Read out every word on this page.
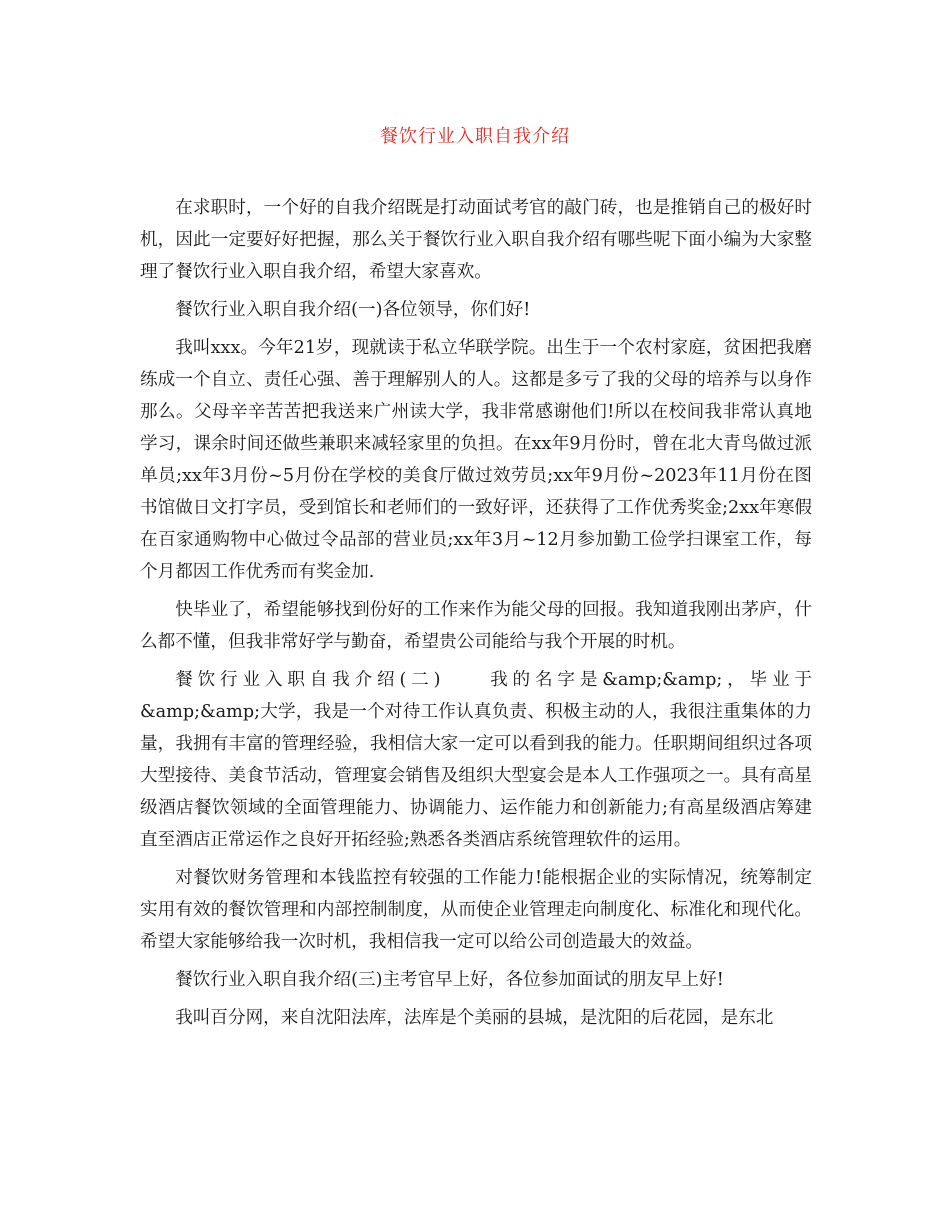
餐饮行业入职自我介绍

在求职时，一个好的自我介绍既是打动面试考官的敲门砖，也是推销自己的极好时机，因此一定要好好把握，那么关于餐饮行业入职自我介绍有哪些呢下面小编为大家整理了餐饮行业入职自我介绍，希望大家喜欢。

餐饮行业入职自我介绍(一)各位领导，你们好!

我叫xxx。今年21岁，现就读于私立华联学院。出生于一个农村家庭，贫困把我磨练成一个自立、责任心强、善于理解别人的人。这都是多亏了我的父母的培养与以身作那么。父母辛辛苦苦把我送来广州读大学，我非常感谢他们!所以在校间我非常认真地学习，课余时间还做些兼职来减轻家里的负担。在xx年9月份时，曾在北大青鸟做过派单员;xx年3月份~5月份在学校的美食厅做过效劳员;xx年9月份~2023年11月份在图书馆做日文打字员，受到馆长和老师们的一致好评，还获得了工作优秀奖金;2xx年寒假在百家通购物中心做过令品部的营业员;xx年3月~12月参加勤工俭学扫课室工作，每个月都因工作优秀而有奖金加.

快毕业了，希望能够找到份好的工作来作为能父母的回报。我知道我刚出茅庐，什么都不懂，但我非常好学与勤奋，希望贵公司能给与我个开展的时机。

餐饮行业入职自我介绍(二)　　我的名字是&amp;&amp;，毕业于&amp;&amp;大学，我是一个对待工作认真负责、积极主动的人，我很注重集体的力量，我拥有丰富的管理经验，我相信大家一定可以看到我的能力。任职期间组织过各项大型接待、美食节活动，管理宴会销售及组织大型宴会是本人工作强项之一。具有高星级酒店餐饮领域的全面管理能力、协调能力、运作能力和创新能力;有高星级酒店筹建直至酒店正常运作之良好开拓经验;熟悉各类酒店系统管理软件的运用。

对餐饮财务管理和本钱监控有较强的工作能力!能根据企业的实际情况，统筹制定实用有效的餐饮管理和内部控制制度，从而使企业管理走向制度化、标准化和现代化。希望大家能够给我一次时机，我相信我一定可以给公司创造最大的效益。

餐饮行业入职自我介绍(三)主考官早上好，各位参加面试的朋友早上好!

我叫百分网，来自沈阳法库，法库是个美丽的县城，是沈阳的后花园，是东北
